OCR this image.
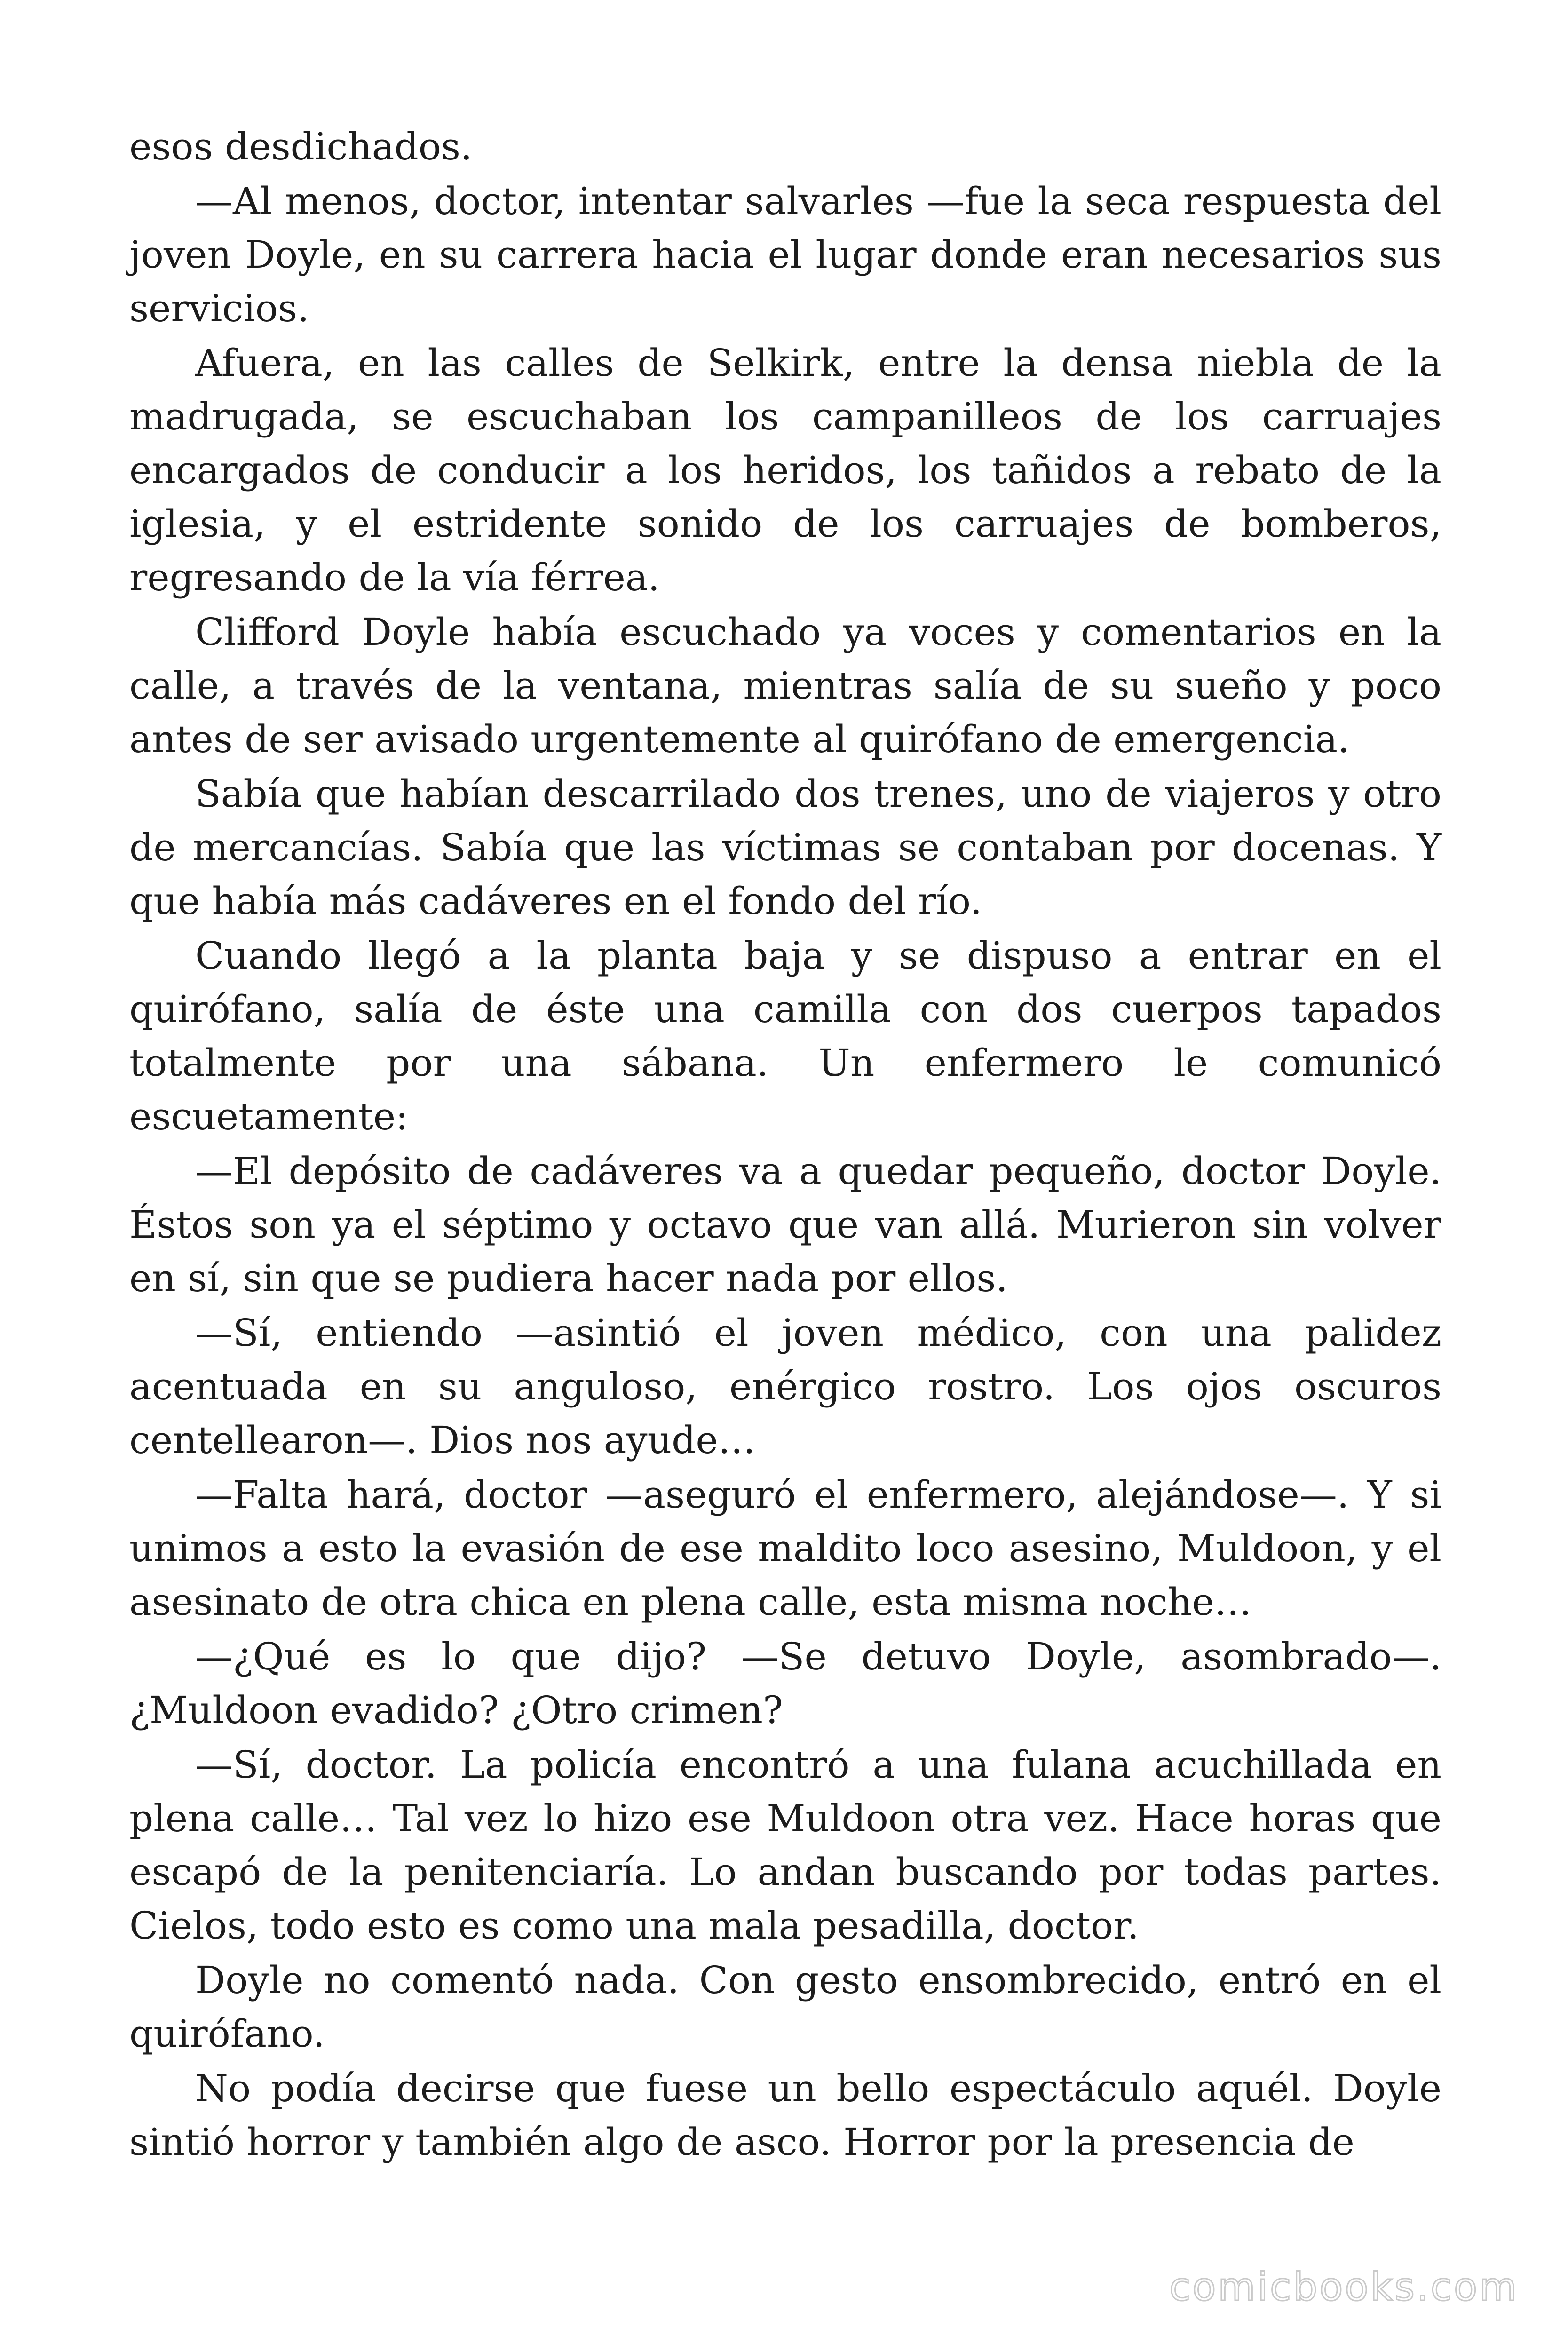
esos desdichados.

—Al menos, doctor, intentar salvarles —fue la seca respuesta del joven Doyle, en su carrera hacia el lugar donde eran necesarios sus servicios.

Afuera, en las calles de Selkirk, entre la densa niebla de la madrugada, se escuchaban los campanilleos de los carruajes encargados de conducir a los heridos, los tañidos a rebato de la iglesia, y el estridente sonido de los carruajes de bomberos, regresando de la vía férrea.

Clifford Doyle había escuchado ya voces y comentarios en la calle, a través de la ventana, mientras salía de su sueño y poco antes de ser avisado urgentemente al quirófano de emergencia.

Sabía que habían descarrilado dos trenes, uno de viajeros y otro de mercancías. Sabía que las víctimas se contaban por docenas. Y que había más cadáveres en el fondo del río.

Cuando llegó a la planta baja y se dispuso a entrar en el quirófano, salía de éste una camilla con dos cuerpos tapados totalmente por una sábana. Un enfermero le comunicó escuetamente:

—El depósito de cadáveres va a quedar pequeño, doctor Doyle. Éstos son ya el séptimo y octavo que van allá. Murieron sin volver en sí, sin que se pudiera hacer nada por ellos.

—Sí, entiendo —asintió el joven médico, con una palidez acentuada en su anguloso, enérgico rostro. Los ojos oscuros centellearon—. Dios nos ayude…

—Falta hará, doctor —aseguró el enfermero, alejándose—. Y si unimos a esto la evasión de ese maldito loco asesino, Muldoon, y el asesinato de otra chica en plena calle, esta misma noche…

—¿Qué es lo que dijo? —Se detuvo Doyle, asombrado—. ¿Muldoon evadido? ¿Otro crimen?

—Sí, doctor. La policía encontró a una fulana acuchillada en plena calle… Tal vez lo hizo ese Muldoon otra vez. Hace horas que escapó de la penitenciaría. Lo andan buscando por todas partes. Cielos, todo esto es como una mala pesadilla, doctor.

Doyle no comentó nada. Con gesto ensombrecido, entró en el quirófano.

No podía decirse que fuese un bello espectáculo aquél. Doyle sintió horror y también algo de asco. Horror por la presencia de

comicbooks.com
